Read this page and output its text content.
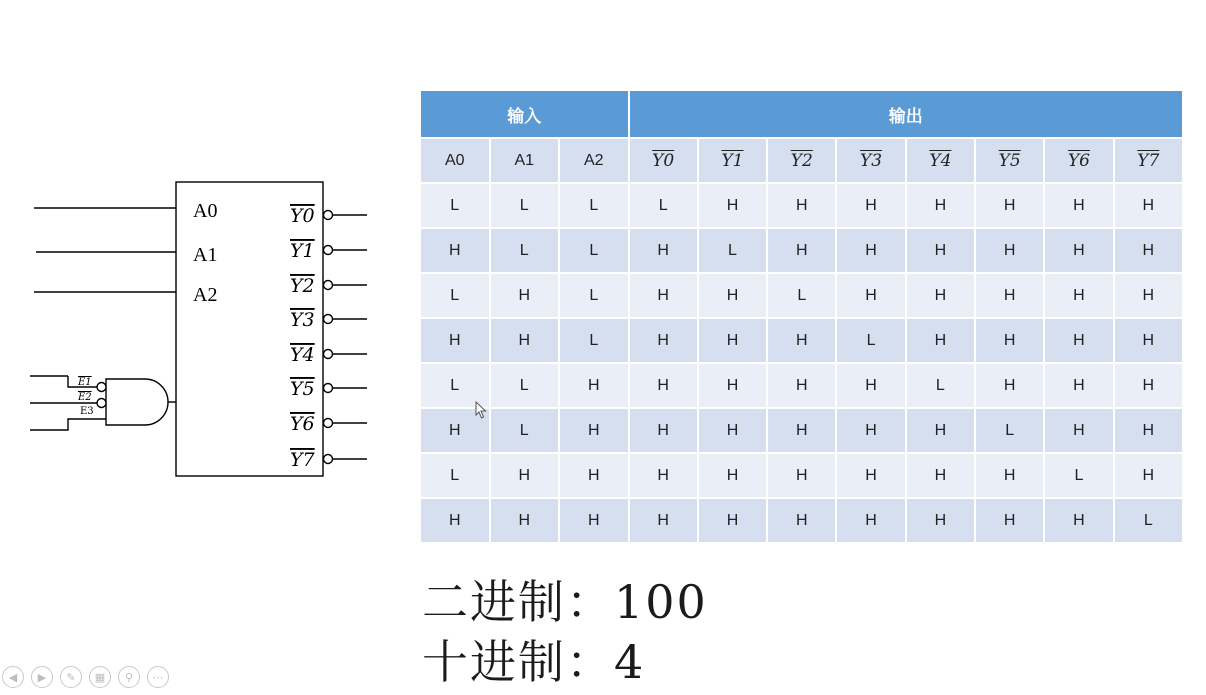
A0
A1
A2
E1
E2
E3
Y0
Y1
Y2
Y3
Y4
Y5
Y6
Y7
输入			输出							
A0	A1	A2	Y0	Y1	Y2	Y3	Y4	Y5	Y6	Y7
L	L	L	L	H	H	H	H	H	H	H
H	L	L	H	L	H	H	H	H	H	H
L	H	L	H	H	L	H	H	H	H	H
H	H	L	H	H	H	L	H	H	H	H
L	L	H	H	H	H	H	L	H	H	H
H	L	H	H	H	H	H	H	L	H	H
L	H	H	H	H	H	H	H	H	L	H
H	H	H	H	H	H	H	H	H	H	L
二进制：100
十进制：4
◀	▶	✎	▦	⚲	⋯
